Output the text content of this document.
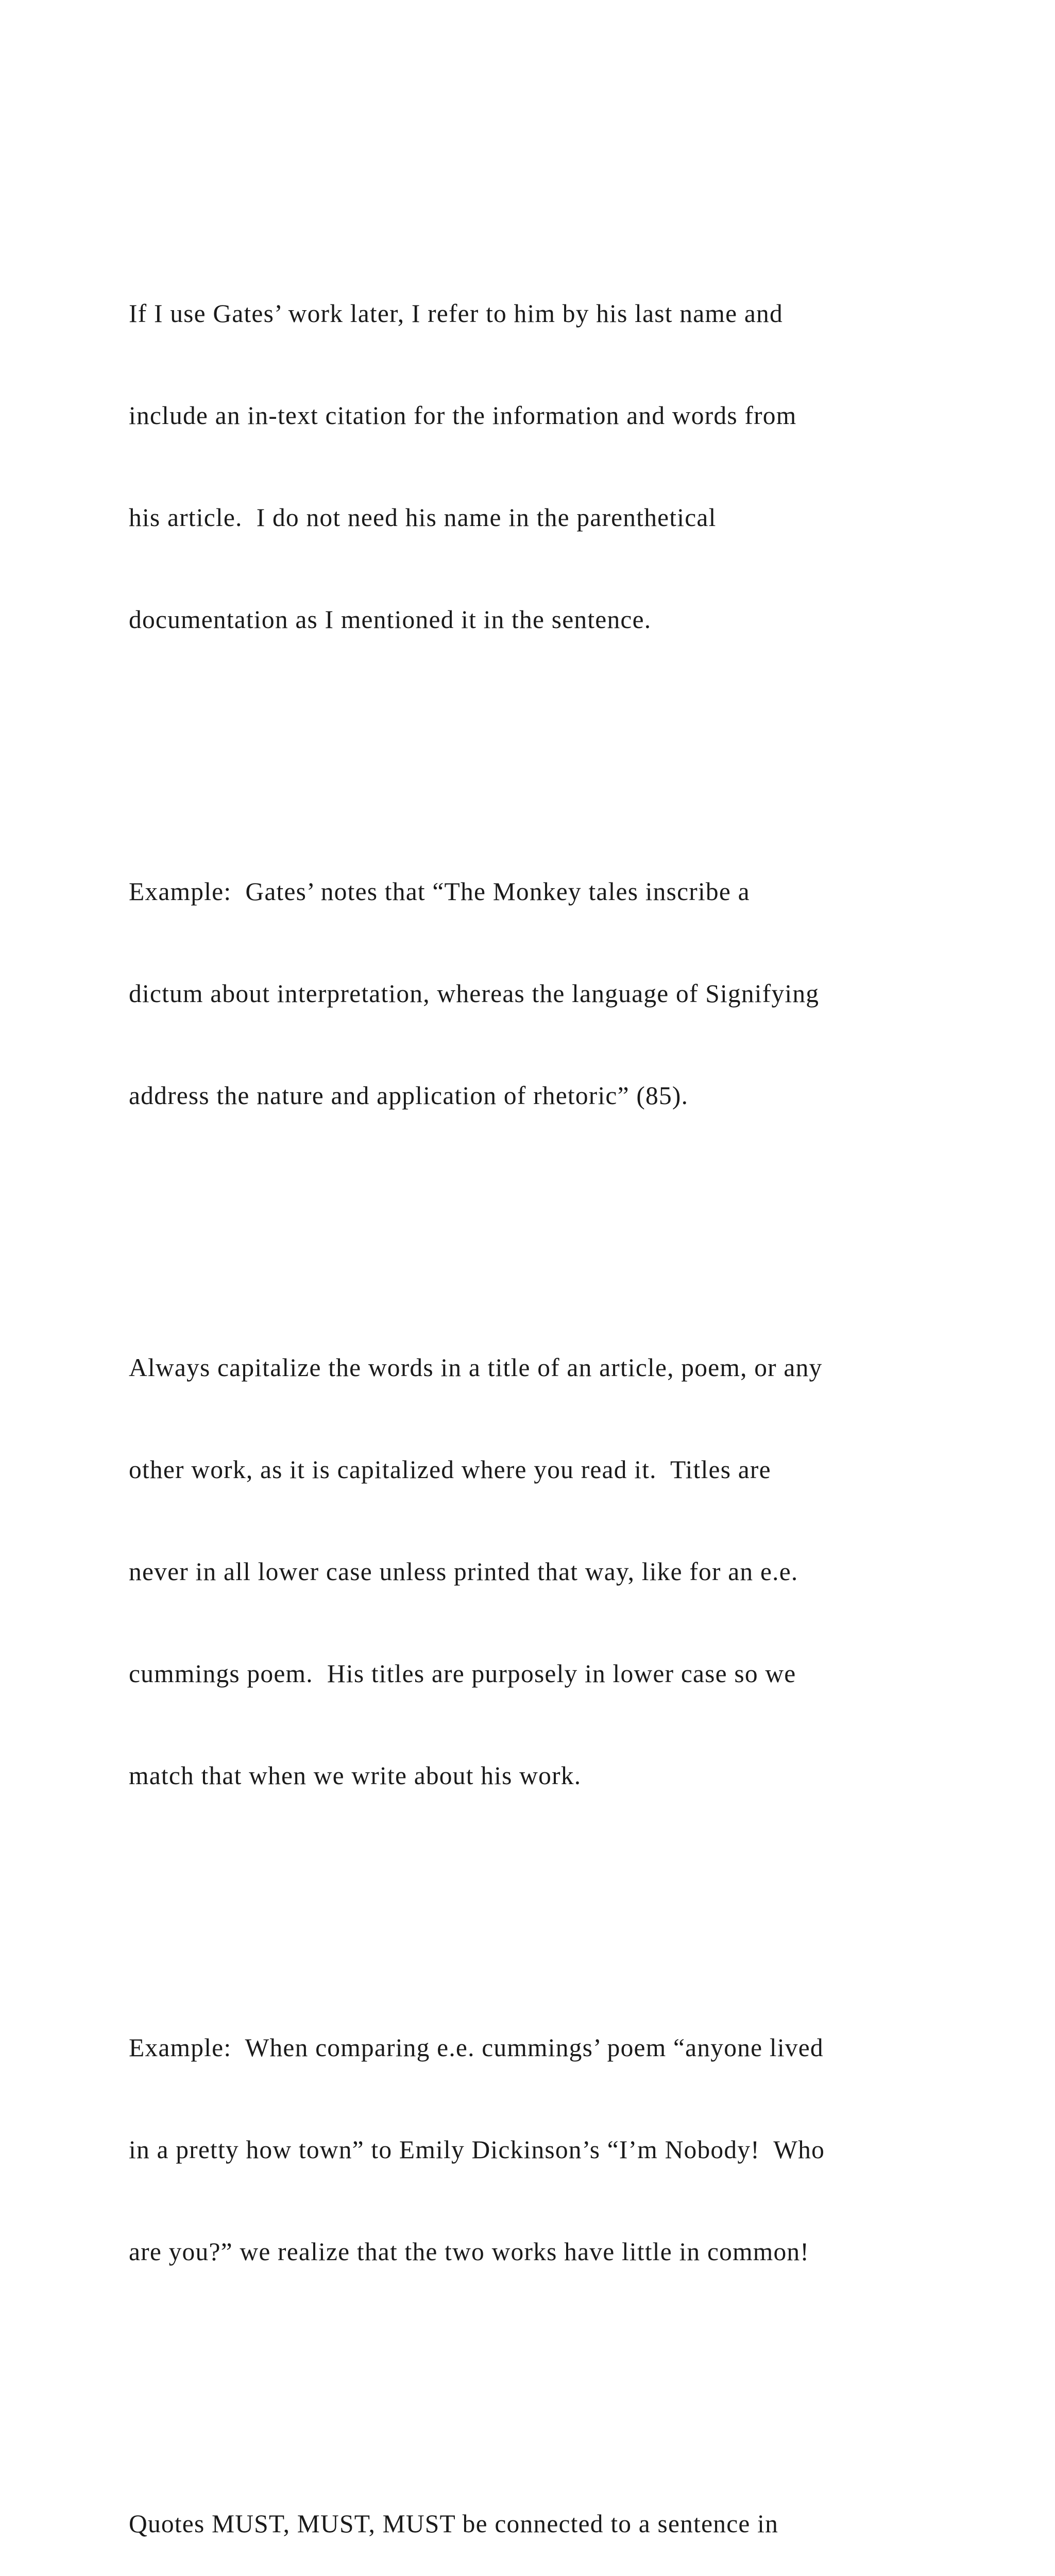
If I use Gates’ work later, I refer to him by his last name and

include an in-text citation for the information and words from

his article.  I do not need his name in the parenthetical

documentation as I mentioned it in the sentence.

Example:  Gates’ notes that “The Monkey tales inscribe a

dictum about interpretation, whereas the language of Signifying

address the nature and application of rhetoric” (85).

Always capitalize the words in a title of an article, poem, or any

other work, as it is capitalized where you read it.  Titles are

never in all lower case unless printed that way, like for an e.e.

cummings poem.  His titles are purposely in lower case so we

match that when we write about his work.

Example:  When comparing e.e. cummings’ poem “anyone lived

in a pretty how town” to Emily Dickinson’s “I’m Nobody!  Who

are you?” we realize that the two works have little in common!

Quotes MUST, MUST, MUST be connected to a sentence in
